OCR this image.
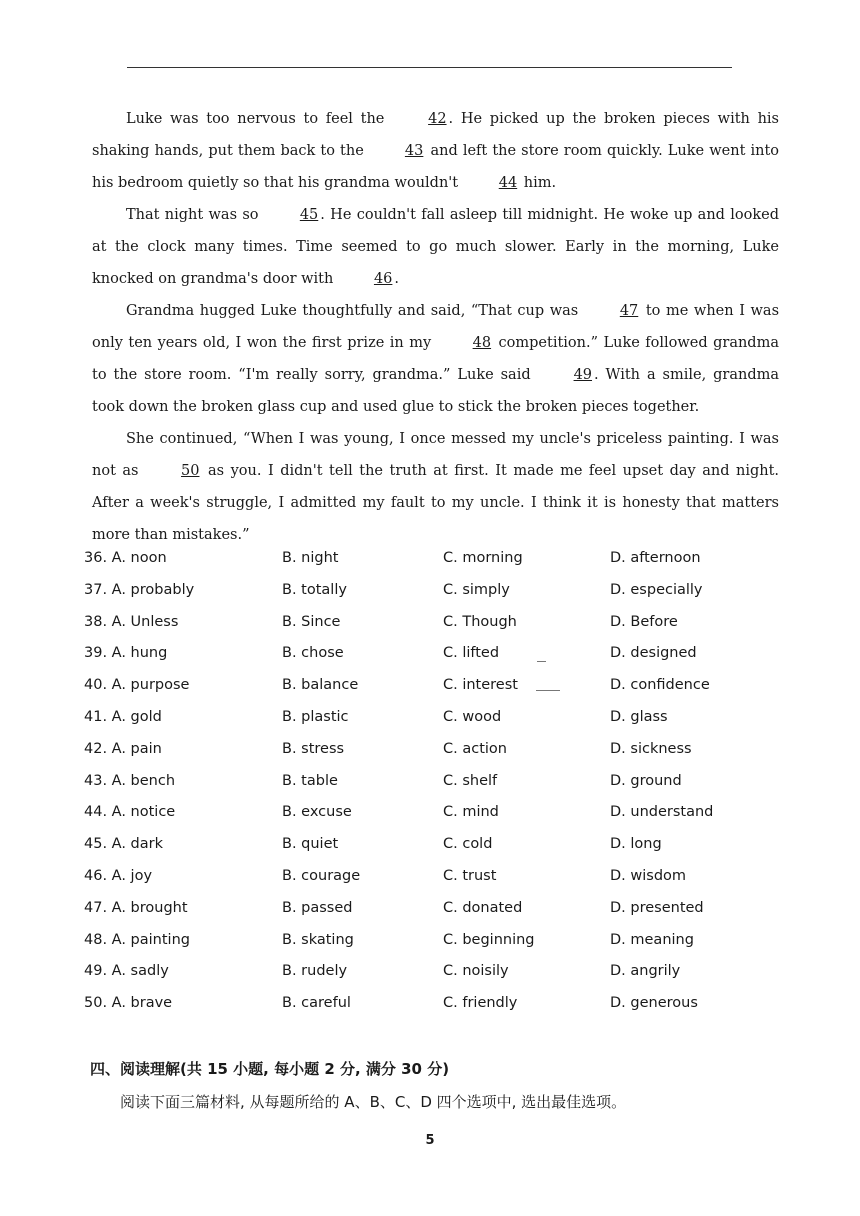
Luke was too nervous to feel the	42 . He picked up the broken pieces with his shaking hands, put them back to the	43 and left the store room quickly. Luke went into his bedroom quietly so that his grandma wouldn't	44 him.

That night was so	45 . He couldn't fall asleep till midnight. He woke up and looked at the clock many times. Time seemed to go much slower. Early in the morning, Luke knocked on grandma's door with	46 .

Grandma hugged Luke thoughtfully and said, “That cup was	47 to me when I was only ten years old, I won the first prize in my	48 competition.” Luke followed grandma to the store room. “I'm really sorry, grandma.” Luke said	49 . With a smile, grandma took down the broken glass cup and used glue to stick the broken pieces together.

She continued, “When I was young, I once messed my uncle's priceless painting. I was not as	50 as you. I didn't tell the truth at first. It made me feel upset day and night. After a week's struggle, I admitted my fault to my uncle. I think it is honesty that matters more than mistakes.”

36. A. noon	B. night	C. morning	D. afternoon
37. A. probably	B. totally	C. simply	D. especially
38. A. Unless	B. Since	C. Though	D. Before
39. A. hung	B. chose	C. lifted	D. designed
40. A. purpose	B. balance	C. interest	D. confidence
41. A. gold	B. plastic	C. wood	D. glass
42. A. pain	B. stress	C. action	D. sickness
43. A. bench	B. table	C. shelf	D. ground
44. A. notice	B. excuse	C. mind	D. understand
45. A. dark	B. quiet	C. cold	D. long
46. A. joy	B. courage	C. trust	D. wisdom
47. A. brought	B. passed	C. donated	D. presented
48. A. painting	B. skating	C. beginning	D. meaning
49. A. sadly	B. rudely	C. noisily	D. angrily
50. A. brave	B. careful	C. friendly	D. generous
四、阅读理解(共 15 小题, 每小题 2 分, 满分 30 分)
阅读下面三篇材料, 从每题所给的 A、B、C、D 四个选项中, 选出最佳选项。
5
